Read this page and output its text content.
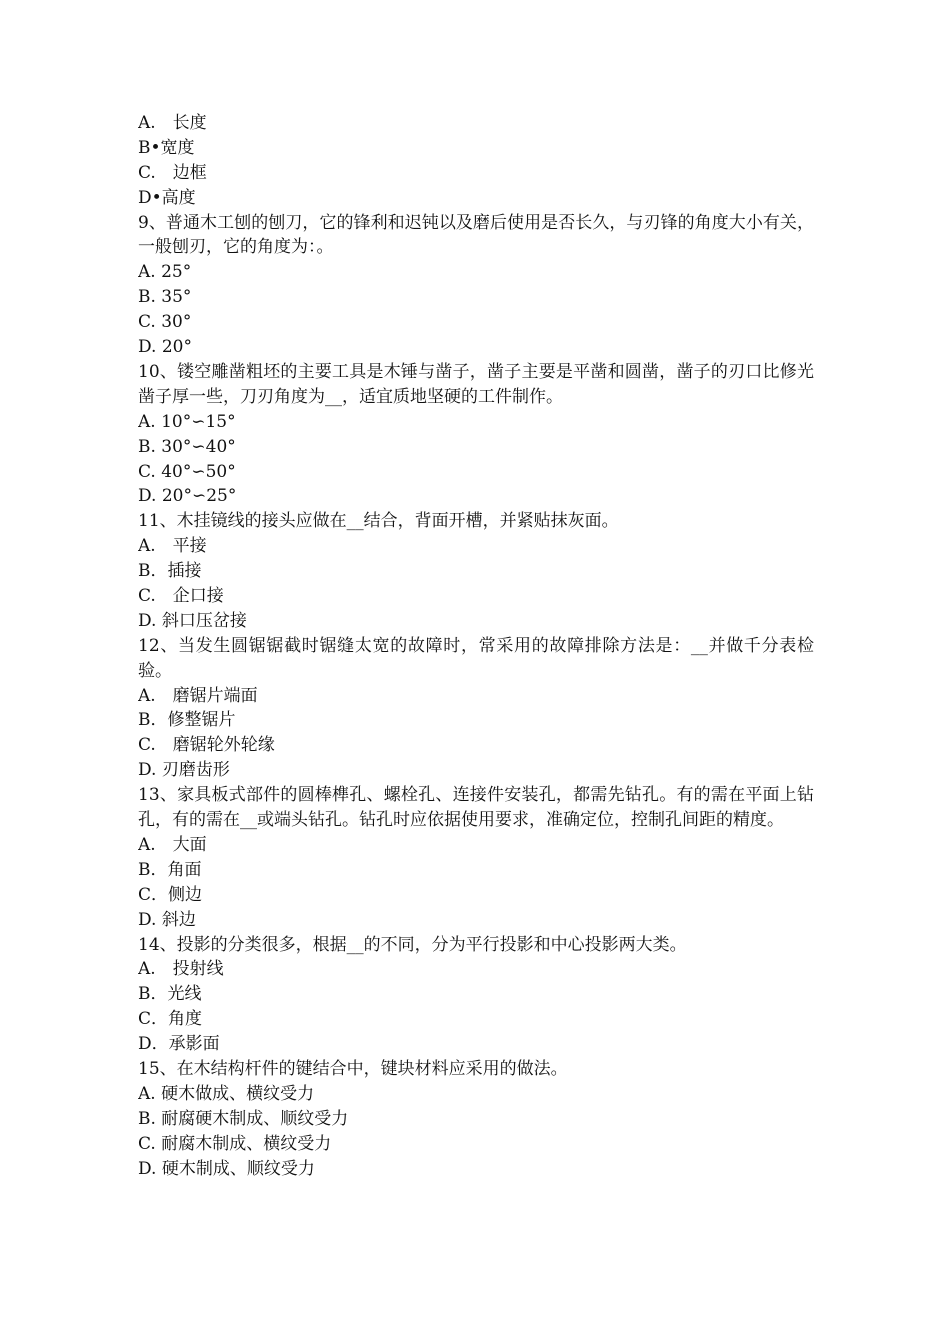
A.　长度
B•宽度
C.　边框
D•高度
9、普通木工刨的刨刀，它的锋利和迟钝以及磨后使用是否长久，与刃锋的角度大小有关，一般刨刃，它的角度为：。
A. 25°
B. 35°
C. 30°
D. 20°
10、镂空雕凿粗坯的主要工具是木锤与凿子，凿子主要是平凿和圆凿，凿子的刃口比修光凿子厚一些，刀刃角度为__，适宜质地坚硬的工件制作。
A. 10°∽15°
B. 30°∽40°
C. 40°∽50°
D. 20°∽25°
11、木挂镜线的接头应做在__结合，背面开槽，并紧贴抹灰面。
A.　平接
B．插接
C.　企口接
D. 斜口压岔接
12、当发生圆锯锯截时锯缝太宽的故障时，常采用的故障排除方法是：__并做千分表检验。
A.　磨锯片端面
B．修整锯片
C.　磨锯轮外轮缘
D. 刃磨齿形
13、家具板式部件的圆棒榫孔、螺栓孔、连接件安装孔，都需先钻孔。有的需在平面上钻孔，有的需在__或端头钻孔。钻孔时应依据使用要求，准确定位，控制孔间距的精度。
A.　大面
B．角面
C．侧边
D. 斜边
14、投影的分类很多，根据__的不同，分为平行投影和中心投影两大类。
A.　投射线
B．光线
C．角度
D．承影面
15、在木结构杆件的键结合中，键块材料应采用的做法。
A. 硬木做成、横纹受力
B. 耐腐硬木制成、顺纹受力
C. 耐腐木制成、横纹受力
D. 硬木制成、顺纹受力
